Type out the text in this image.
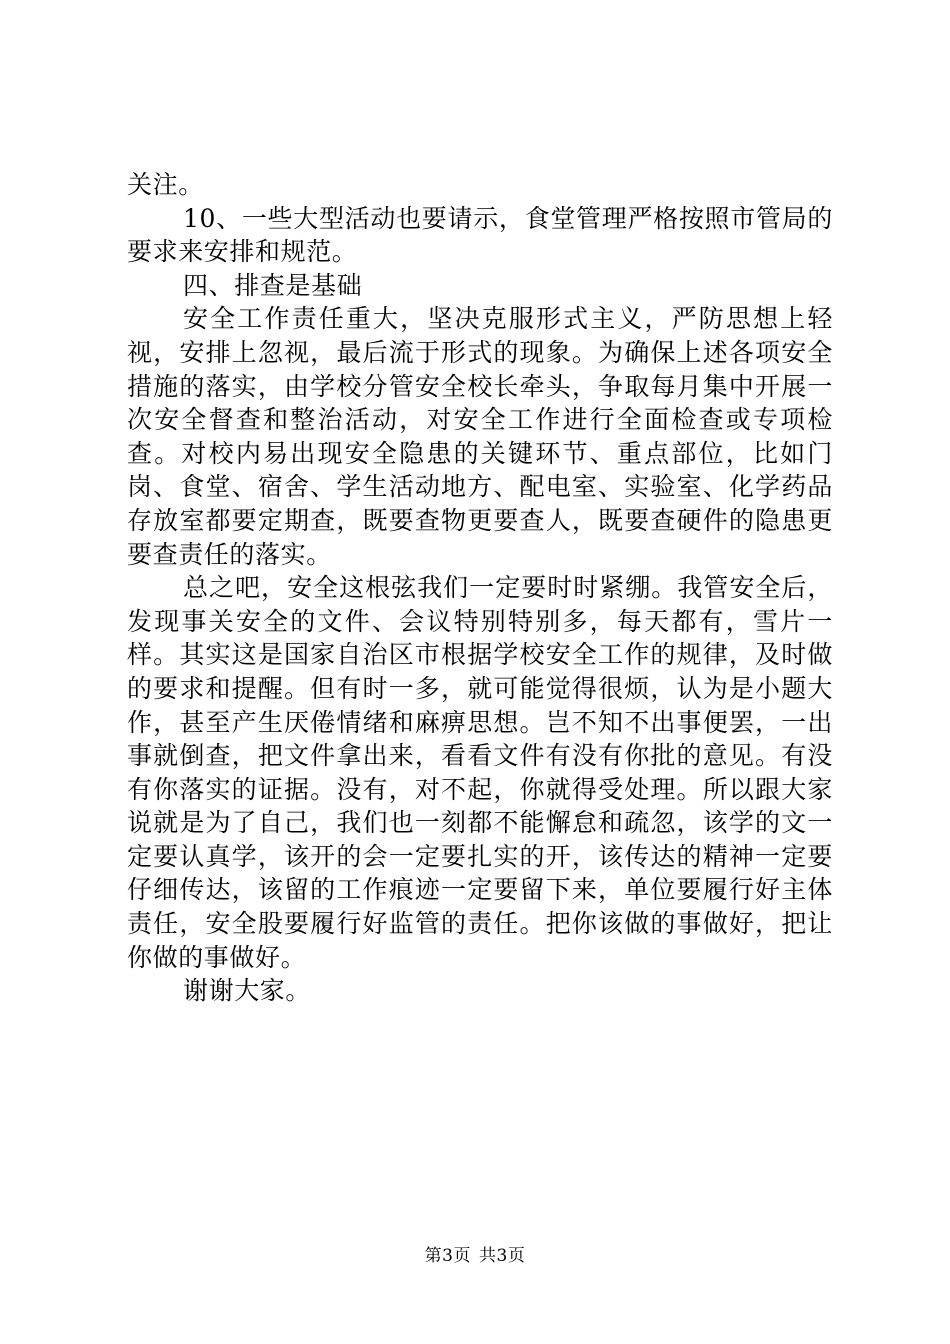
关注。

10、一些大型活动也要请示，食堂管理严格按照市管局的要求来安排和规范。

四、排查是基础

安全工作责任重大，坚决克服形式主义，严防思想上轻视，安排上忽视，最后流于形式的现象。为确保上述各项安全措施的落实，由学校分管安全校长牵头，争取每月集中开展一次安全督查和整治活动，对安全工作进行全面检查或专项检查。对校内易出现安全隐患的关键环节、重点部位，比如门岗、食堂、宿舍、学生活动地方、配电室、实验室、化学药品存放室都要定期查，既要查物更要查人，既要查硬件的隐患更要查责任的落实。

总之吧，安全这根弦我们一定要时时紧绷。我管安全后，发现事关安全的文件、会议特别特别多，每天都有，雪片一样。其实这是国家自治区市根据学校安全工作的规律，及时做的要求和提醒。但有时一多，就可能觉得很烦，认为是小题大作，甚至产生厌倦情绪和麻痹思想。岂不知不出事便罢，一出事就倒查，把文件拿出来，看看文件有没有你批的意见。有没有你落实的证据。没有，对不起，你就得受处理。所以跟大家说就是为了自己，我们也一刻都不能懈怠和疏忽，该学的文一定要认真学，该开的会一定要扎实的开，该传达的精神一定要仔细传达，该留的工作痕迹一定要留下来，单位要履行好主体责任，安全股要履行好监管的责任。把你该做的事做好，把让你做的事做好。

谢谢大家。

第3页 共3页
